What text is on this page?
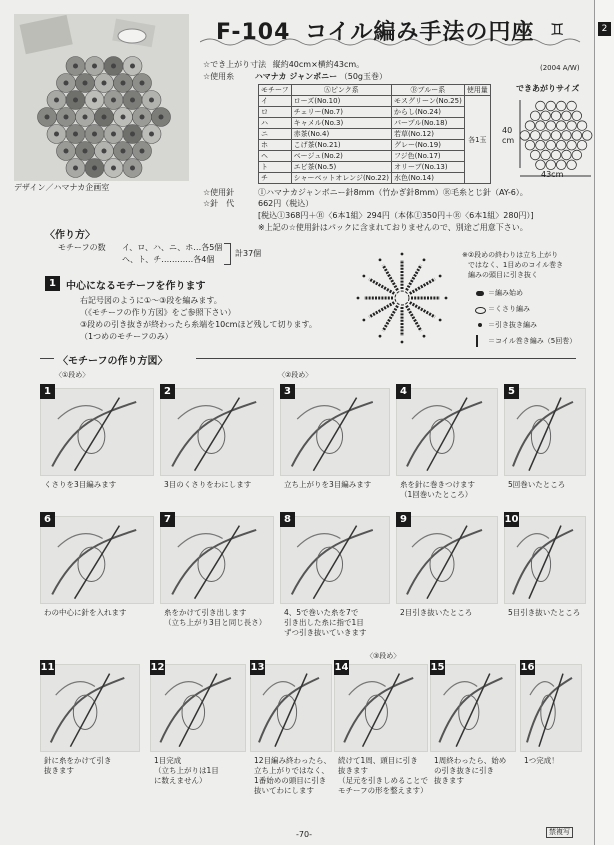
デザイン／ハマナカ企画室
F-104 コイル編み手法の円座 ♊	2
☆でき上がり寸法 縦約40cm×横約43cm。
☆使用糸	ハマナカ ジャンボニー （50g玉巻）
(2004 A/W)
モチーフ	Ⓐピンク系	Ⓑブルー系	使用量
イ	ローズ(No.10)	モスグリーン(No.25)	各1玉
ロ	チェリー(No.7)	からし(No.24)	
ハ	キャメル(No.3)	パープル(No.18)	
ニ	赤茶(No.4)	若草(No.12)	
ホ	こげ茶(No.21)	グレー(No.19)	
ヘ	ベージュ(No.2)	フジ色(No.17)	
ト	エビ茶(No.5)	オリーブ(No.13)	
チ	シャーベットオレンジ(No.22)	水色(No.14)	
できあがりサイズ
40
cm
43cm
☆使用針	Ⓘハマナカジャンボニー針8mm（竹かぎ針8mm）Ⓡ毛糸とじ針（AY-6）。
☆針　代	662円（税込）
[税込Ⓘ368円＋Ⓡ〈6本1組〉294円（本体Ⓘ350円＋Ⓡ〈6本1組〉280円）]
※上記の☆使用針はパックに含まれておりませんので、別途ご用意下さい。
〈作り方〉
モチーフの数 イ、ロ、ハ、ニ、ホ…各5個
ヘ、ト、チ…………各4個
計37個
1	中心になるモチーフを作ります
右記号図のように①～③段を編みます。
（《モチーフの作り方図》をご参照下さい）
③段めの引き抜きが終わったら糸端を10cmほど残して切ります。
（1つめのモチーフのみ）
※②段めの終わりは立ち上がり
ではなく、1目めのコイル巻き
編みの頭目に引き抜く
＝編み始め
＝くさり編み
＝引き抜き編み
＝コイル巻き編み（5回巻）
〈モチーフの作り方図〉
〈①段め〉	〈②段め〉
〈③段め〉
1
くさりを3目編みます
2
3目のくさりをわにします
3
立ち上がりを3目編みます
4
糸を針に巻きつけます
（1回巻いたところ）
5
5回巻いたところ
6
わの中心に針を入れます
7
糸をかけて引き出します
（立ち上がり3目と同じ長さ）
8
4、5で巻いた糸を7で
引き出した糸に指で1目
ずつ引き抜いていきます
9
2目引き抜いたところ
10
5目引き抜いたところ
11
針に糸をかけて引き
抜きます
12
1目完成
（立ち上がりは1目
に数えません）
13
12目編み終わったら、
立ち上がりではなく、
1番始めの頭目に引き
抜いてわにします
14
続けて1周、頭目に引き
抜きます
（足元を引きしめることで
モチーフの形を整えます）
15
1周終わったら、始め
の引き抜きに引き
抜きます
16
1つ完成！
-70-	禁複写
